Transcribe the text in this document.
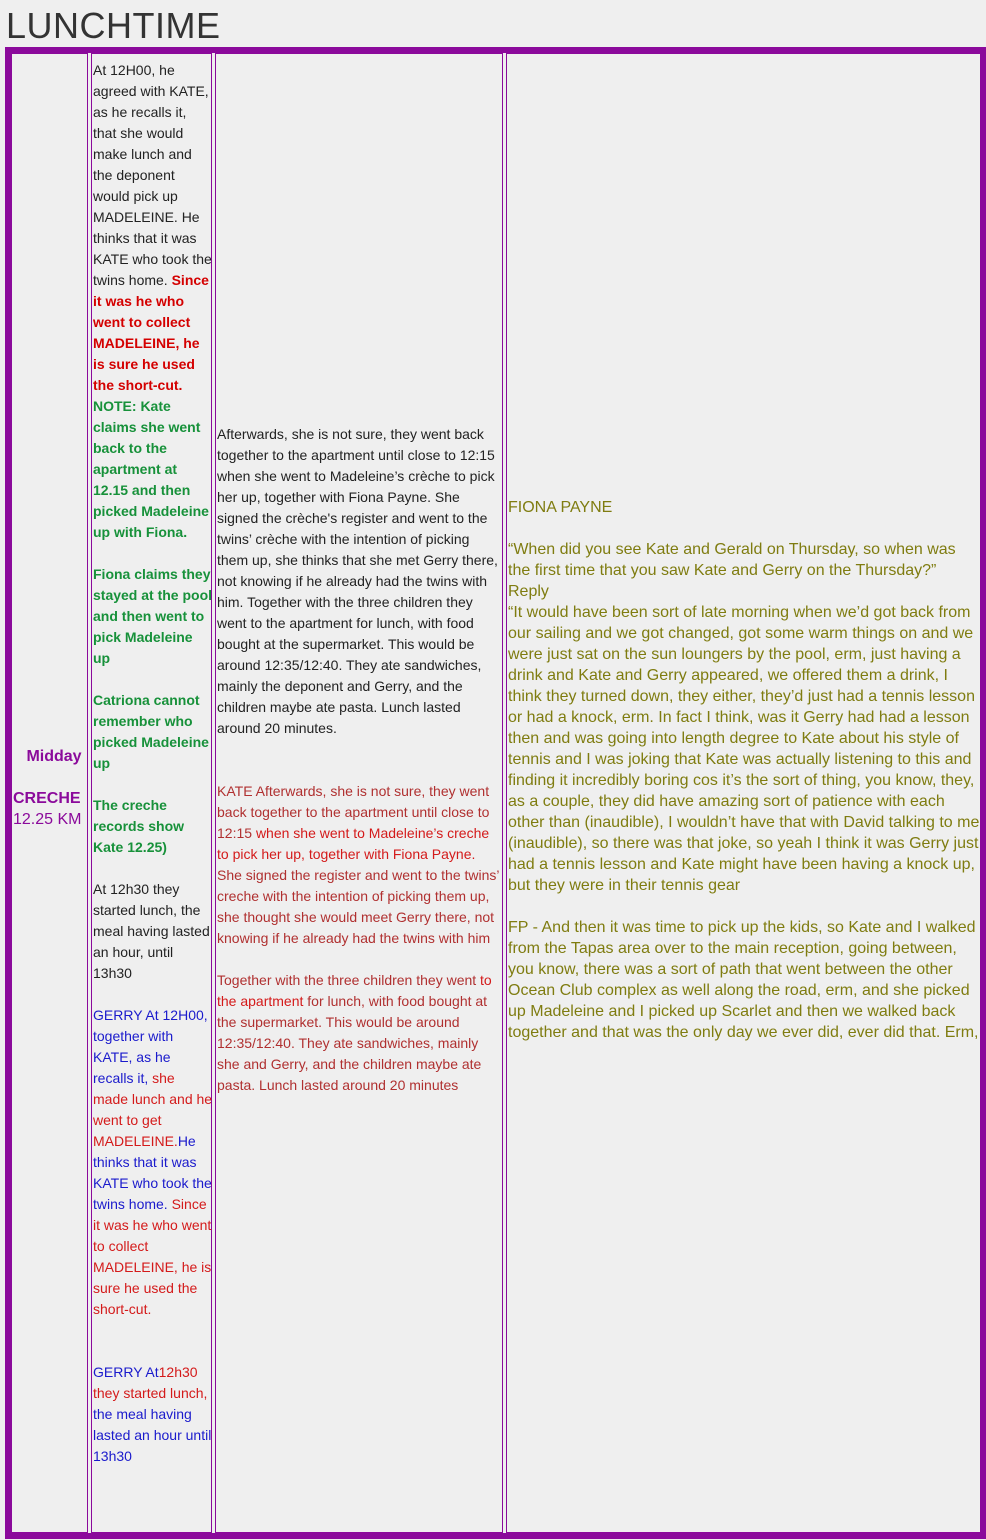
LUNCHTIME
Midday
CRECHE
12.25 KM

At 12H00, he agreed with KATE, as he recalls it, that she would make lunch and the deponent would pick up MADELEINE. He thinks that it was KATE who took the twins home. Since it was he who went to collect MADELEINE, he is sure he used the short-cut. NOTE: Kate claims she went back to the apartment at 12.15 and then picked Madeleine up with Fiona.

Fiona claims they stayed at the pool and then went to pick Madeleine up

Catriona cannot remember who picked Madeleine up

The creche records show Kate 12.25)

At 12h30 they started lunch, the meal having lasted an hour, until 13h30

GERRY At 12H00, together with KATE, as he recalls it, she made lunch and he went to get MADELEINE.He thinks that it was KATE who took the twins home. Since it was he who went to collect MADELEINE, he is sure he used the short-cut.

GERRY At12h30 they started lunch, the meal having lasted an hour until 13h30

Afterwards, she is not sure, they went back together to the apartment until close to 12:15 when she went to Madeleine’s crèche to pick her up, together with Fiona Payne. She signed the crèche's register and went to the twins’ crèche with the intention of picking them up, she thinks that she met Gerry there, not knowing if he already had the twins with him. Together with the three children they went to the apartment for lunch, with food bought at the supermarket. This would be around 12:35/12:40. They ate sandwiches, mainly the deponent and Gerry, and the children maybe ate pasta. Lunch lasted around 20 minutes.

KATE Afterwards, she is not sure, they went back together to the apartment until close to 12:15 when she went to Madeleine’s creche to pick her up, together with Fiona Payne. She signed the register and went to the twins’ creche with the intention of picking them up, she thought she would meet Gerry there, not knowing if he already had the twins with him

Together with the three children they went to the apartment for lunch, with food bought at the supermarket. This would be around 12:35/12:40. They ate sandwiches, mainly she and Gerry, and the children maybe ate pasta. Lunch lasted around 20 minutes

FIONA PAYNE

“When did you see Kate and Gerald on Thursday, so when was the first time that you saw Kate and Gerry on the Thursday?”

Reply

“It would have been sort of late morning when we’d got back from our sailing and we got changed, got some warm things on and we were just sat on the sun loungers by the pool, erm, just having a drink and Kate and Gerry appeared, we offered them a drink, I think they turned down, they either, they’d just had a tennis lesson or had a knock, erm. In fact I think, was it Gerry had had a lesson then and was going into length degree to Kate about his style of tennis and I was joking that Kate was actually listening to this and finding it incredibly boring cos it’s the sort of thing, you know, they, as a couple, they did have amazing sort of patience with each other than (inaudible), I wouldn’t have that with David talking to me (inaudible), so there was that joke, so yeah I think it was Gerry just had a tennis lesson and Kate might have been having a knock up, but they were in their tennis gear

FP - And then it was time to pick up the kids, so Kate and I walked from the Tapas area over to the main reception, going between, you know, there was a sort of path that went between the other Ocean Club complex as well along the road, erm, and she picked up Madeleine and I picked up Scarlet and then we walked back together and that was the only day we ever did, ever did that. Erm,
